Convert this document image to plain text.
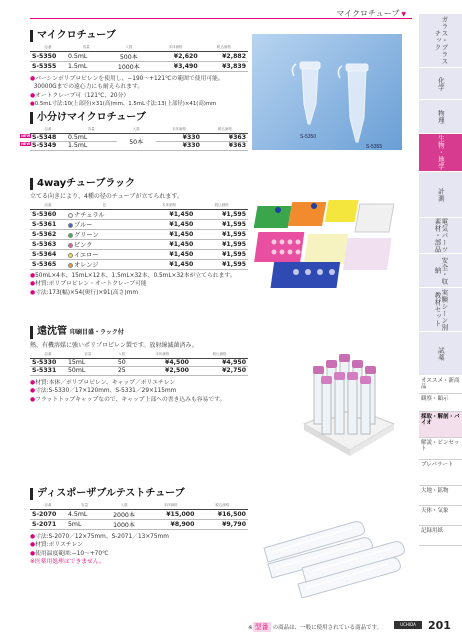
マイクロチューブ ▼
ガラス・プラスチック
化学
物理
生物・地学
計測
電気パーツ素材・部品
安全・収納
実験シーン別教材セット
試薬
オススメ・新商品
観察・顕示
採取・解剖・バイオ
解説・ピンセット
プレパラート
大地・鉱物
天体・気象
記録用紙
マイクロチューブ
品番	容量	入数	本体価格	税込価格
S-5350	0.5mL	500本	¥2,620	¥2,882
S-5355	1.5mL	1000本	¥3,490	¥3,839
●パーシンポリプロピレンを使用し、−190〜+121℃の範囲で使用可能。
30000Gまでの遠心力にも耐えられます。
●オートクレーブ可（121℃、20分）
●0.5mL寸法:10(上部径)×31(高)mm、1.5mL寸法:13(上部径)×41(高)mm
S-5350
S-5355
小分けマイクロチューブ
品番	容量	入数	本体価格	税込価格

NEW S-5348	0.5mL	50本	¥330	¥363

NEW S-5349	1.5mL		¥330	¥363
4wayチューブラック
立てる向きにより、4種の径のチューブが立てられます。
品番	色	本体価格	税込価格
S-5360	ナチュラル	¥1,450	¥1,595
S-5361	ブルー	¥1,450	¥1,595
S-5362	グリーン	¥1,450	¥1,595
S-5363	ピンク	¥1,450	¥1,595
S-5364	イエロー	¥1,450	¥1,595
S-5365	オレンジ	¥1,450	¥1,595
●50mL×4本、15mL×12本、1.5mL×32本、0.5mL×32本が立てられます。
●材質:ポリプロピレン・オートクレーブ可能
●寸法:173(幅)×54(奥行)×91(高さ)mm
遠沈管 印刷目盛・ラック付
熱、有機溶媒に強いポリプロピレン製です。放射線滅菌済み。
品番	容量	入数	本体価格	税込価格
S-5330	15mL	50	¥4,500	¥4,950
S-5331	50mL	25	¥2,500	¥2,750
●材質:本体／ポリプロピレン、キャップ／ポリエチレン
●寸法:S-5330／17×120mm、S-5331／29×115mm
●フラットトップキャップなので、キャップ上部への書き込みも容易です。
ディスポーザブルテストチューブ
品番	容量	入数	本体価格	税込価格
S-2070	4.5mL	2000本	¥15,000	¥16,500
S-2071	5mL	1000本	¥8,900	¥9,790
●寸法:S-2070／12×75mm、S-2071／13×75mm
●材質:ポリスチレン
●使用温度範囲:−10〜+70℃
※医薬用処理はできません。
※ 型番 の商品は、一般に使用されている商品です。
UCHIDA	201
